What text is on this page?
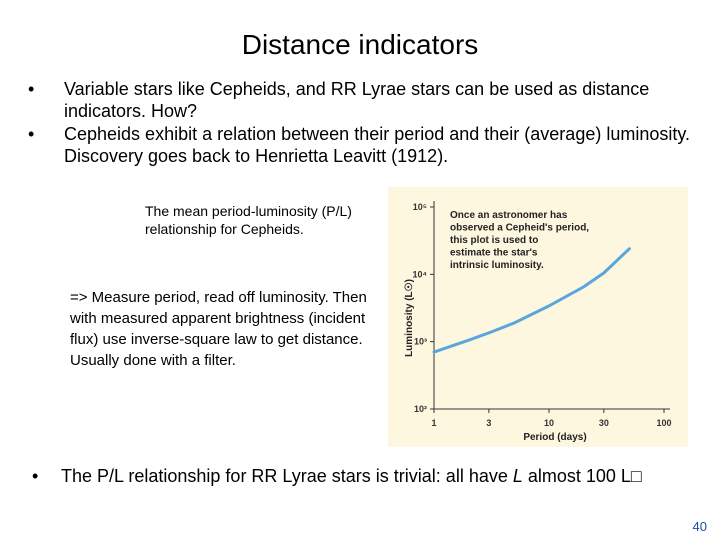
Distance indicators
• Variable stars like Cepheids, and RR Lyrae stars can be used as distance indicators. How?
• Cepheids exhibit a relation between their period and their (average) luminosity. Discovery goes back to Henrietta Leavitt (1912).
The mean period-luminosity (P/L) relationship for Cepheids.
=> Measure period, read off luminosity. Then with measured apparent brightness (incident flux) use inverse-square law to get distance. Usually done with a filter.
Once an astronomer has
observed a Cepheid's period,
this plot is used to
estimate the star's
intrinsic luminosity.
1	3	10	30	100
10²
10³
10⁴
10⁵
Period (days)
Luminosity (L☉)
• The P/L relationship for RR Lyrae stars is trivial: all have L almost 100 L□
40
